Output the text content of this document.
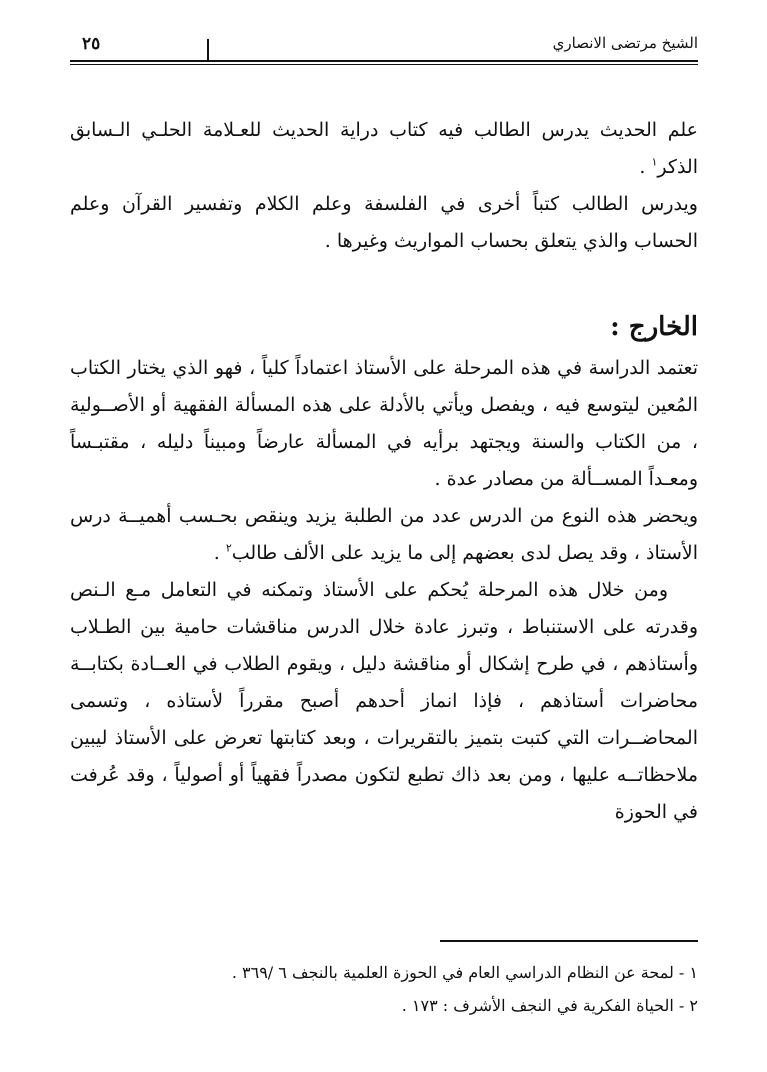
الشيخ مرتضى الانصاري
٢٥

علم الحديث يدرس الطالب فيه كتاب دراية الحديث للعـلامة الحلـي الـسابق الذكر$^١$ .

ويدرس الطالب كتباً أخرى في الفلسفة وعلم الكلام وتفسير القرآن وعلم الحساب والذي يتعلق بحساب المواريث وغيرها .

الخارج :

تعتمد الدراسة في هذه المرحلة على الأستاذ اعتماداً كلياً ، فهو الذي يختار الكتاب المُعين ليتوسع فيه ، ويفصل ويأتي بالأدلة على هذه المسألة الفقهية أو الأصــولية ، من الكتاب والسنة ويجتهد برأيه في المسألة عارضاً ومبيناً دليله ، مقتبـساً ومعـداً المســألة من مصادر عدة .

ويحضر هذه النوع من الدرس عدد من الطلبة يزيد وينقص بحـسب أهميــة درس الأستاذ ، وقد يصل لدى بعضهم إلى ما يزيد على الألف طالب$^٢$ .

ومن خلال هذه المرحلة يُحكم على الأستاذ وتمكنه في التعامل مـع الـنص وقدرته على الاستنباط ، وتبرز عادة خلال الدرس مناقشات حامية بين الطـلاب وأستاذهم ، في طرح إشكال أو مناقشة دليل ، ويقوم الطلاب في العــادة بكتابــة محاضرات أستاذهم ، فإذا انماز أحدهم أصبح مقرراً لأستاذه ، وتسمى المحاضــرات التي كتبت بتميز بالتقريرات ، وبعد كتابتها تعرض على الأستاذ ليبين ملاحظاتــه عليها ، ومن بعد ذاك تطبع لتكون مصدراً فقهياً أو أصولياً ، وقد عُرفت في الحوزة

١ - لمحة عن النظام الدراسي العام في الحوزة العلمية بالنجف ٦ /٣٦٩ .
٢ - الحياة الفكرية في النجف الأشرف : ١٧٣ .
